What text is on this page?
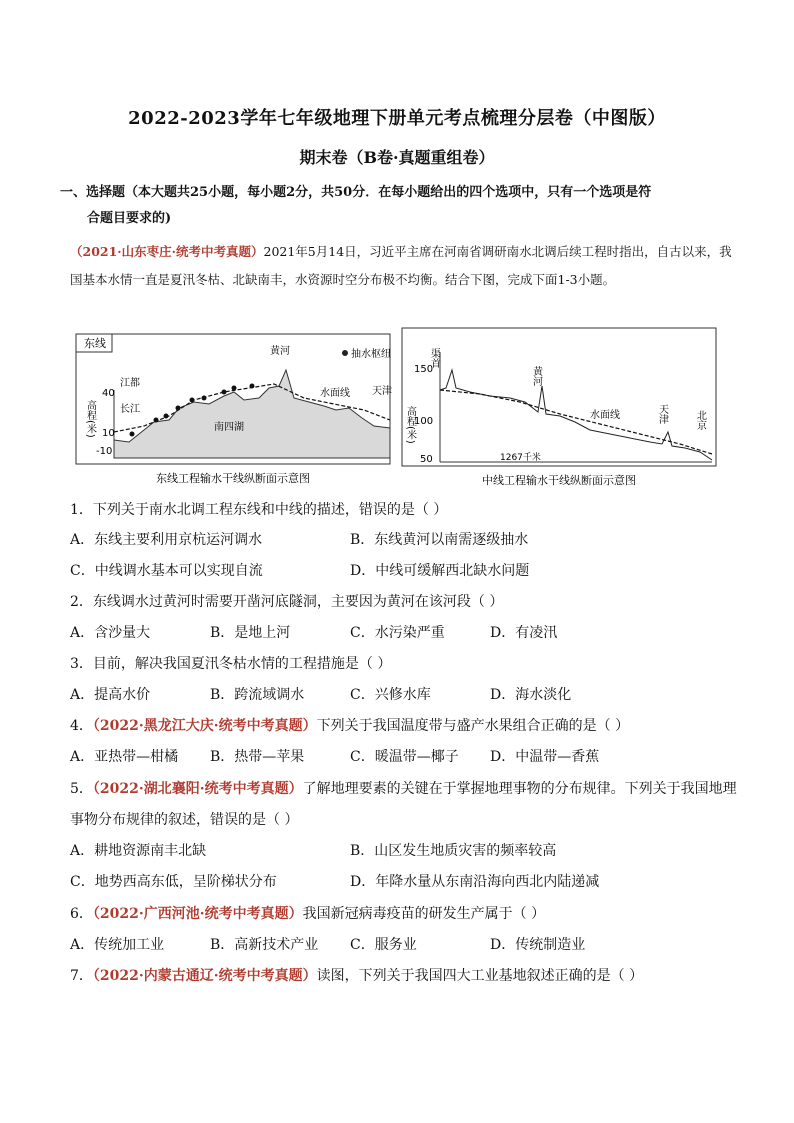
2022-2023学年七年级地理下册单元考点梳理分层卷（中图版）
期末卷（B卷·真题重组卷）
一、选择题（本大题共25小题，每小题2分，共50分．在每小题给出的四个选项中，只有一个选项是符
合题目要求的)
（2021·山东枣庄·统考中考真题）2021年5月14日，习近平主席在河南省调研南水北调后续工程时指出，自古以来，我国基本水情一直是夏汛冬枯、北缺南丰，水资源时空分布极不均衡。结合下图，完成下面1-3小题。
东线
抽水枢纽
40
10
-10
高程(米)
江都
长江
南四湖
黄河
水面线 天津
东线工程输水干线纵断面示意图
150
100
50
高程(米)
渠首
黄河
水面线	天津	北京
1267千米
中线工程输水干线纵断面示意图
1．下列关于南水北调工程东线和中线的描述，错误的是（ ）
A．东线主要利用京杭运河调水	B．东线黄河以南需逐级抽水
C．中线调水基本可以实现自流	D．中线可缓解西北缺水问题
2．东线调水过黄河时需要开凿河底隧洞，主要因为黄河在该河段（ ）
A．含沙量大	B．是地上河	C．水污染严重	D．有凌汛
3．目前，解决我国夏汛冬枯水情的工程措施是（ ）
A．提高水价	B．跨流域调水	C．兴修水库	D．海水淡化
4．（2022·黑龙江大庆·统考中考真题）下列关于我国温度带与盛产水果组合正确的是（ ）
A．亚热带—柑橘 B．热带—苹果	C．暖温带—椰子 D．中温带—香蕉
5．（2022·湖北襄阳·统考中考真题）了解地理要素的关键在于掌握地理事物的分布规律。下列关于我国地理
事物分布规律的叙述，错误的是（ ）
A．耕地资源南丰北缺	B．山区发生地质灾害的频率较高
C．地势西高东低，呈阶梯状分布	D．年降水量从东南沿海向西北内陆递减
6．（2022·广西河池·统考中考真题）我国新冠病毒疫苗的研发生产属于（ ）
A．传统加工业	B．高新技术产业 C．服务业	D．传统制造业
7．（2022·内蒙古通辽·统考中考真题）读图，下列关于我国四大工业基地叙述正确的是（ ）
